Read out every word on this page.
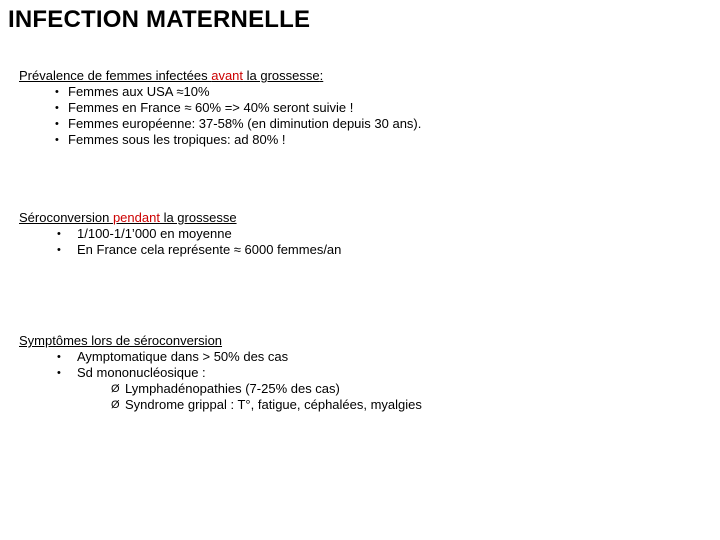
INFECTION MATERNELLE
Prévalence de femmes infectées avant la grossesse:
• Femmes aux USA ≈10%
• Femmes en France ≈ 60% => 40% seront suivie !
• Femmes européenne: 37-58% (en diminution depuis 30 ans).
• Femmes sous les tropiques: ad 80% !
Séroconversion pendant la grossesse
• 1/100-1/1’000 en moyenne
• En France cela représente ≈ 6000 femmes/an
Symptômes lors de séroconversion
• Aymptomatique dans > 50% des cas
• Sd mononucléosique :
Ø Lymphadénopathies (7-25% des cas)
Ø Syndrome grippal : T°, fatigue, céphalées, myalgies
